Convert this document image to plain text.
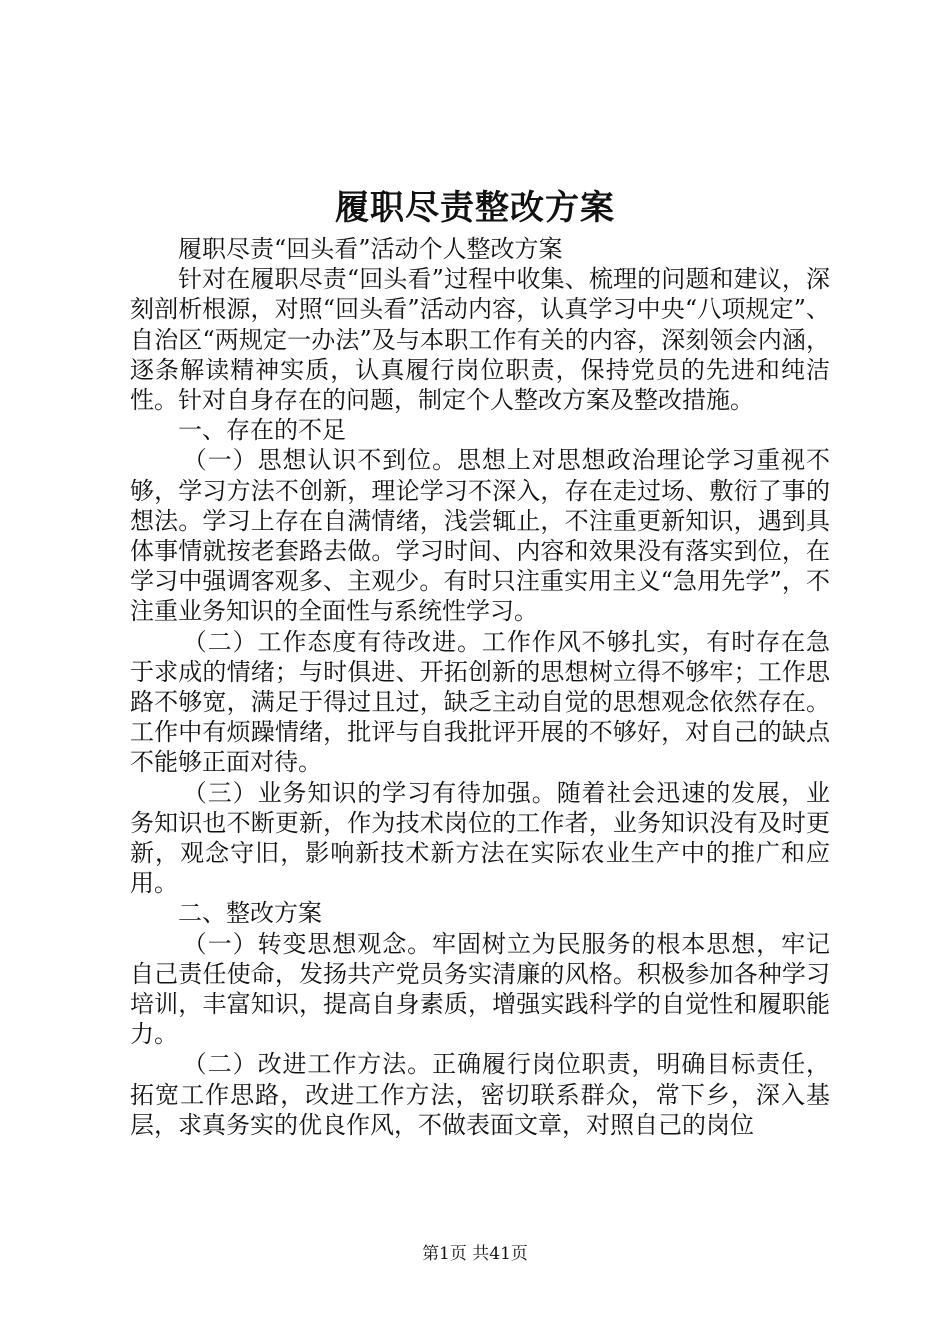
履职尽责整改方案

履职尽责“回头看”活动个人整改方案

针对在履职尽责“回头看”过程中收集、梳理的问题和建议，深刻剖析根源，对照“回头看”活动内容，认真学习中央“八项规定”、自治区“两规定一办法”及与本职工作有关的内容，深刻领会内涵，逐条解读精神实质，认真履行岗位职责，保持党员的先进和纯洁性。针对自身存在的问题，制定个人整改方案及整改措施。

一、存在的不足

（一）思想认识不到位。思想上对思想政治理论学习重视不够，学习方法不创新，理论学习不深入，存在走过场、敷衍了事的想法。学习上存在自满情绪，浅尝辄止，不注重更新知识，遇到具体事情就按老套路去做。学习时间、内容和效果没有落实到位，在学习中强调客观多、主观少。有时只注重实用主义“急用先学”，不注重业务知识的全面性与系统性学习。

（二）工作态度有待改进。工作作风不够扎实，有时存在急于求成的情绪；与时俱进、开拓创新的思想树立得不够牢；工作思路不够宽，满足于得过且过，缺乏主动自觉的思想观念依然存在。工作中有烦躁情绪，批评与自我批评开展的不够好，对自己的缺点不能够正面对待。

（三）业务知识的学习有待加强。随着社会迅速的发展，业务知识也不断更新，作为技术岗位的工作者，业务知识没有及时更新，观念守旧，影响新技术新方法在实际农业生产中的推广和应用。

二、整改方案

（一）转变思想观念。牢固树立为民服务的根本思想，牢记自己责任使命，发扬共产党员务实清廉的风格。积极参加各种学习培训，丰富知识，提高自身素质，增强实践科学的自觉性和履职能力。

（二）改进工作方法。正确履行岗位职责，明确目标责任，拓宽工作思路，改进工作方法，密切联系群众，常下乡，深入基层，求真务实的优良作风，不做表面文章，对照自己的岗位

第1页 共41页
